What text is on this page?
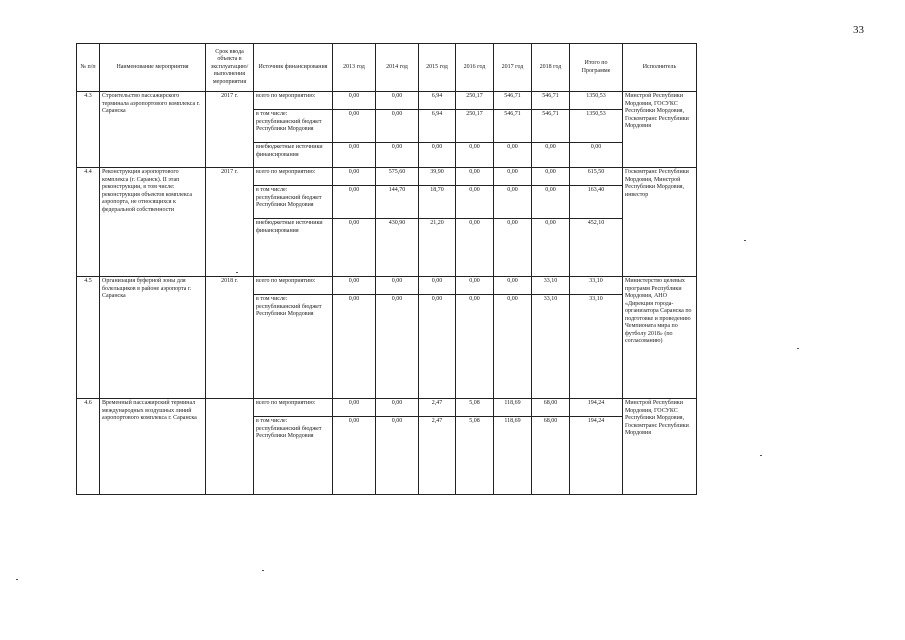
33
№ п/п	Наименование мероприятия	Срок ввода объекта в эксплуатацию/ выполнения мероприятия	Источник финансирования	2013 год	2014 год	2015 год	2016 год	2017 год	2018 год	Итого по Программе	Исполнитель
4.3	Строительство пассажирского терминала аэропортового комплекса г. Саранска	2017 г.	всего по мероприятию:	0,00	0,00	6,94	250,17	546,71	546,71	1350,53	Минстрой Республики Мордовия, ГОСУКС Республики Мордовия, Госкомтранс Республики Мордовия
			в том числе: республиканский бюджет Республики Мордовия	0,00	0,00	6,94	250,17	546,71	546,71	1350,53	
			внебюджетные источники финансирования	0,00	0,00	0,00	0,00	0,00	0,00	0,00	
4.4	Реконструкция аэропортового комплекса (г. Саранск). II этап реконструкции, в том числе: реконструкция объектов комплекса аэропорта, не относящихся к федеральной собственности	2017 г.	всего по мероприятию:	0,00	575,60	39,90	0,00	0,00	0,00	615,50	Госкомтранс Республики Мордовия, Минстрой Республики Мордовия, инвестор
			в том числе: республиканский бюджет Республики Мордовия	0,00	144,70	18,70	0,00	0,00	0,00	163,40	
			внебюджетные источники финансирования	0,00	430,90	21,20	0,00	0,00	0,00	452,10	
4.5	Организация буферной зоны для болельщиков в районе аэропорта г. Саранска	2018 г.	всего по мероприятию:	0,00	0,00	0,00	0,00	0,00	33,10	33,10	Министерство целевых программ Республики Мордовия, АНО «Дирекция города-организатора Саранска по подготовке и проведению Чемпионата мира по футболу 2018» (по согласованию)
			в том числе: республиканский бюджет Республики Мордовия	0,00	0,00	0,00	0,00	0,00	33,10	33,10	
4.6	Временный пассажирский терминал международных воздушных линий аэропортового комплекса г. Саранска		всего по мероприятию:	0,00	0,00	2,47	5,08	118,69	68,00	194,24	Минстрой Республики Мордовия, ГОСУКС Республики Мордовия, Госкомтранс Республики Мордовия
			в том числе: республиканский бюджет Республики Мордовия	0,00	0,00	2,47	5,08	118,69	68,00	194,24	
